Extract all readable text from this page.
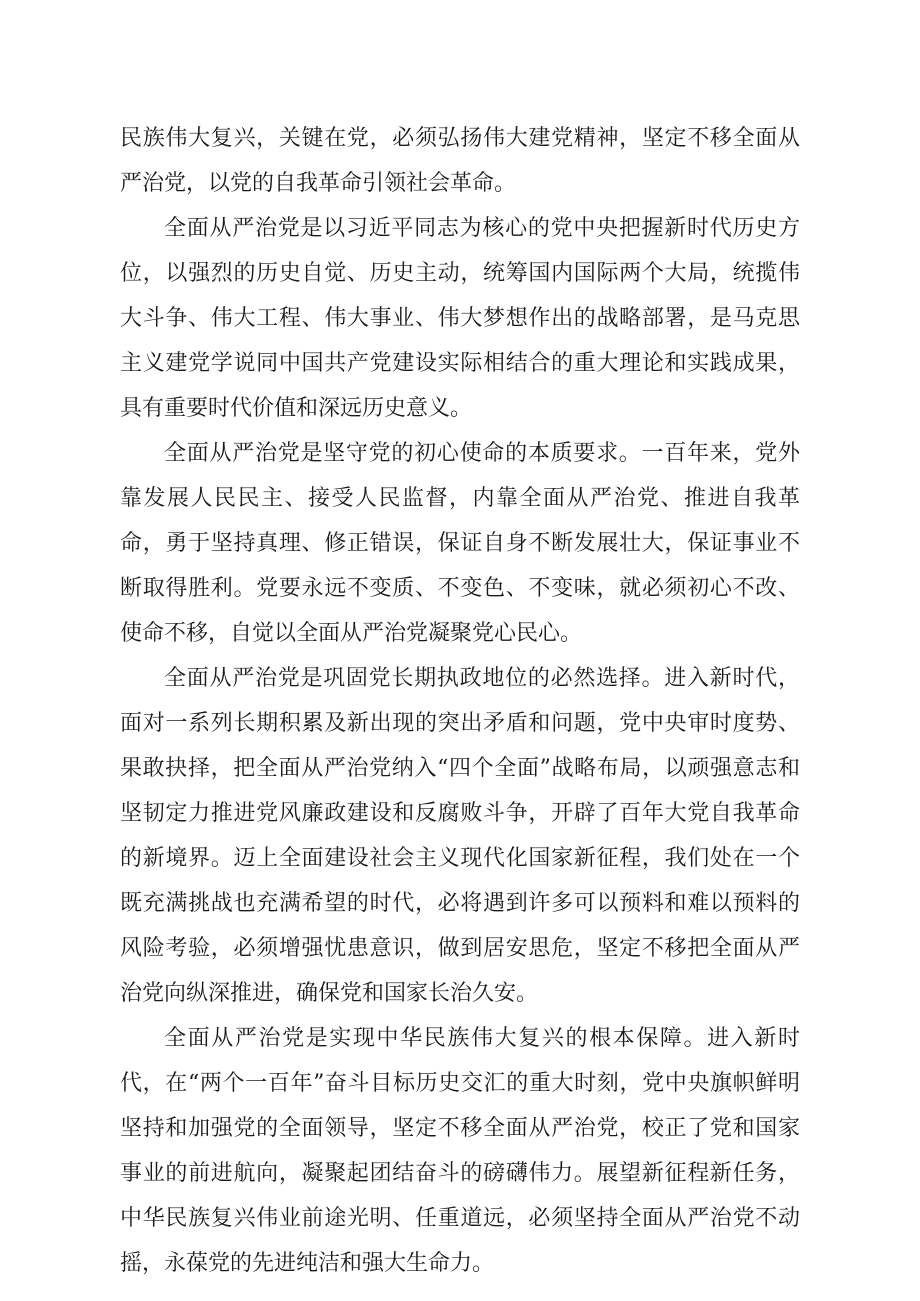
民族伟大复兴，关键在党，必须弘扬伟大建党精神，坚定不移全面从严治党，以党的自我革命引领社会革命。

全面从严治党是以习近平同志为核心的党中央把握新时代历史方位，以强烈的历史自觉、历史主动，统筹国内国际两个大局，统揽伟大斗争、伟大工程、伟大事业、伟大梦想作出的战略部署，是马克思主义建党学说同中国共产党建设实际相结合的重大理论和实践成果，具有重要时代价值和深远历史意义。

全面从严治党是坚守党的初心使命的本质要求。一百年来，党外靠发展人民民主、接受人民监督，内靠全面从严治党、推进自我革命，勇于坚持真理、修正错误，保证自身不断发展壮大，保证事业不断取得胜利。党要永远不变质、不变色、不变味，就必须初心不改、使命不移，自觉以全面从严治党凝聚党心民心。

全面从严治党是巩固党长期执政地位的必然选择。进入新时代，面对一系列长期积累及新出现的突出矛盾和问题，党中央审时度势、果敢抉择，把全面从严治党纳入“四个全面”战略布局，以顽强意志和坚韧定力推进党风廉政建设和反腐败斗争，开辟了百年大党自我革命的新境界。迈上全面建设社会主义现代化国家新征程，我们处在一个既充满挑战也充满希望的时代，必将遇到许多可以预料和难以预料的风险考验，必须增强忧患意识，做到居安思危，坚定不移把全面从严治党向纵深推进，确保党和国家长治久安。

全面从严治党是实现中华民族伟大复兴的根本保障。进入新时代，在“两个一百年”奋斗目标历史交汇的重大时刻，党中央旗帜鲜明坚持和加强党的全面领导，坚定不移全面从严治党，校正了党和国家事业的前进航向，凝聚起团结奋斗的磅礴伟力。展望新征程新任务，中华民族复兴伟业前途光明、任重道远，必须坚持全面从严治党不动摇，永葆党的先进纯洁和强大生命力。
